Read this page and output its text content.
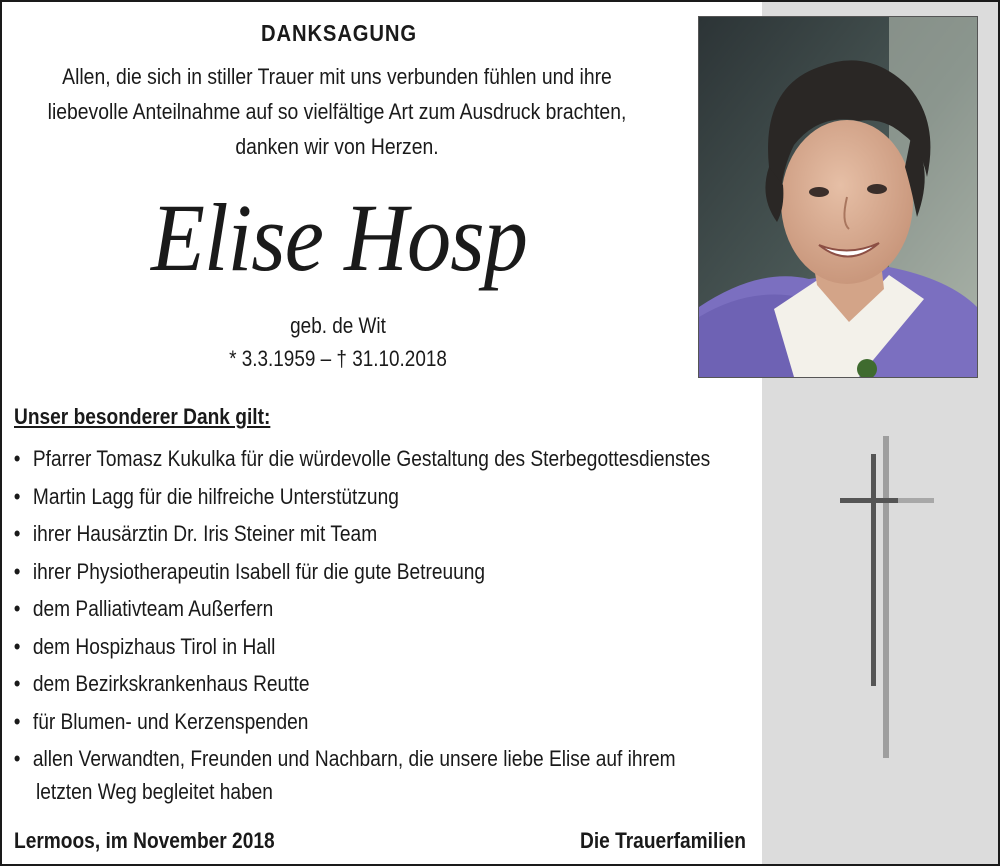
DANKSAGUNG
Allen, die sich in stiller Trauer mit uns verbunden fühlen und ihre
liebevolle Anteilnahme auf so vielfältige Art zum Ausdruck brachten,
danken wir von Herzen.
Elise Hosp
geb. de Wit
* 3.3.1959 – † 31.10.2018
Unser besonderer Dank gilt:
• Pfarrer Tomasz Kukulka für die würdevolle Gestaltung des Sterbegottesdienstes
• Martin Lagg für die hilfreiche Unterstützung
• ihrer Hausärztin Dr. Iris Steiner mit Team
• ihrer Physiotherapeutin Isabell für die gute Betreuung
• dem Palliativteam Außerfern
• dem Hospizhaus Tirol in Hall
• dem Bezirkskrankenhaus Reutte
• für Blumen- und Kerzenspenden
• allen Verwandten, Freunden und Nachbarn, die unsere liebe Elise auf ihrem
letzten Weg begleitet haben
Lermoos, im November 2018	Die Trauerfamilien
